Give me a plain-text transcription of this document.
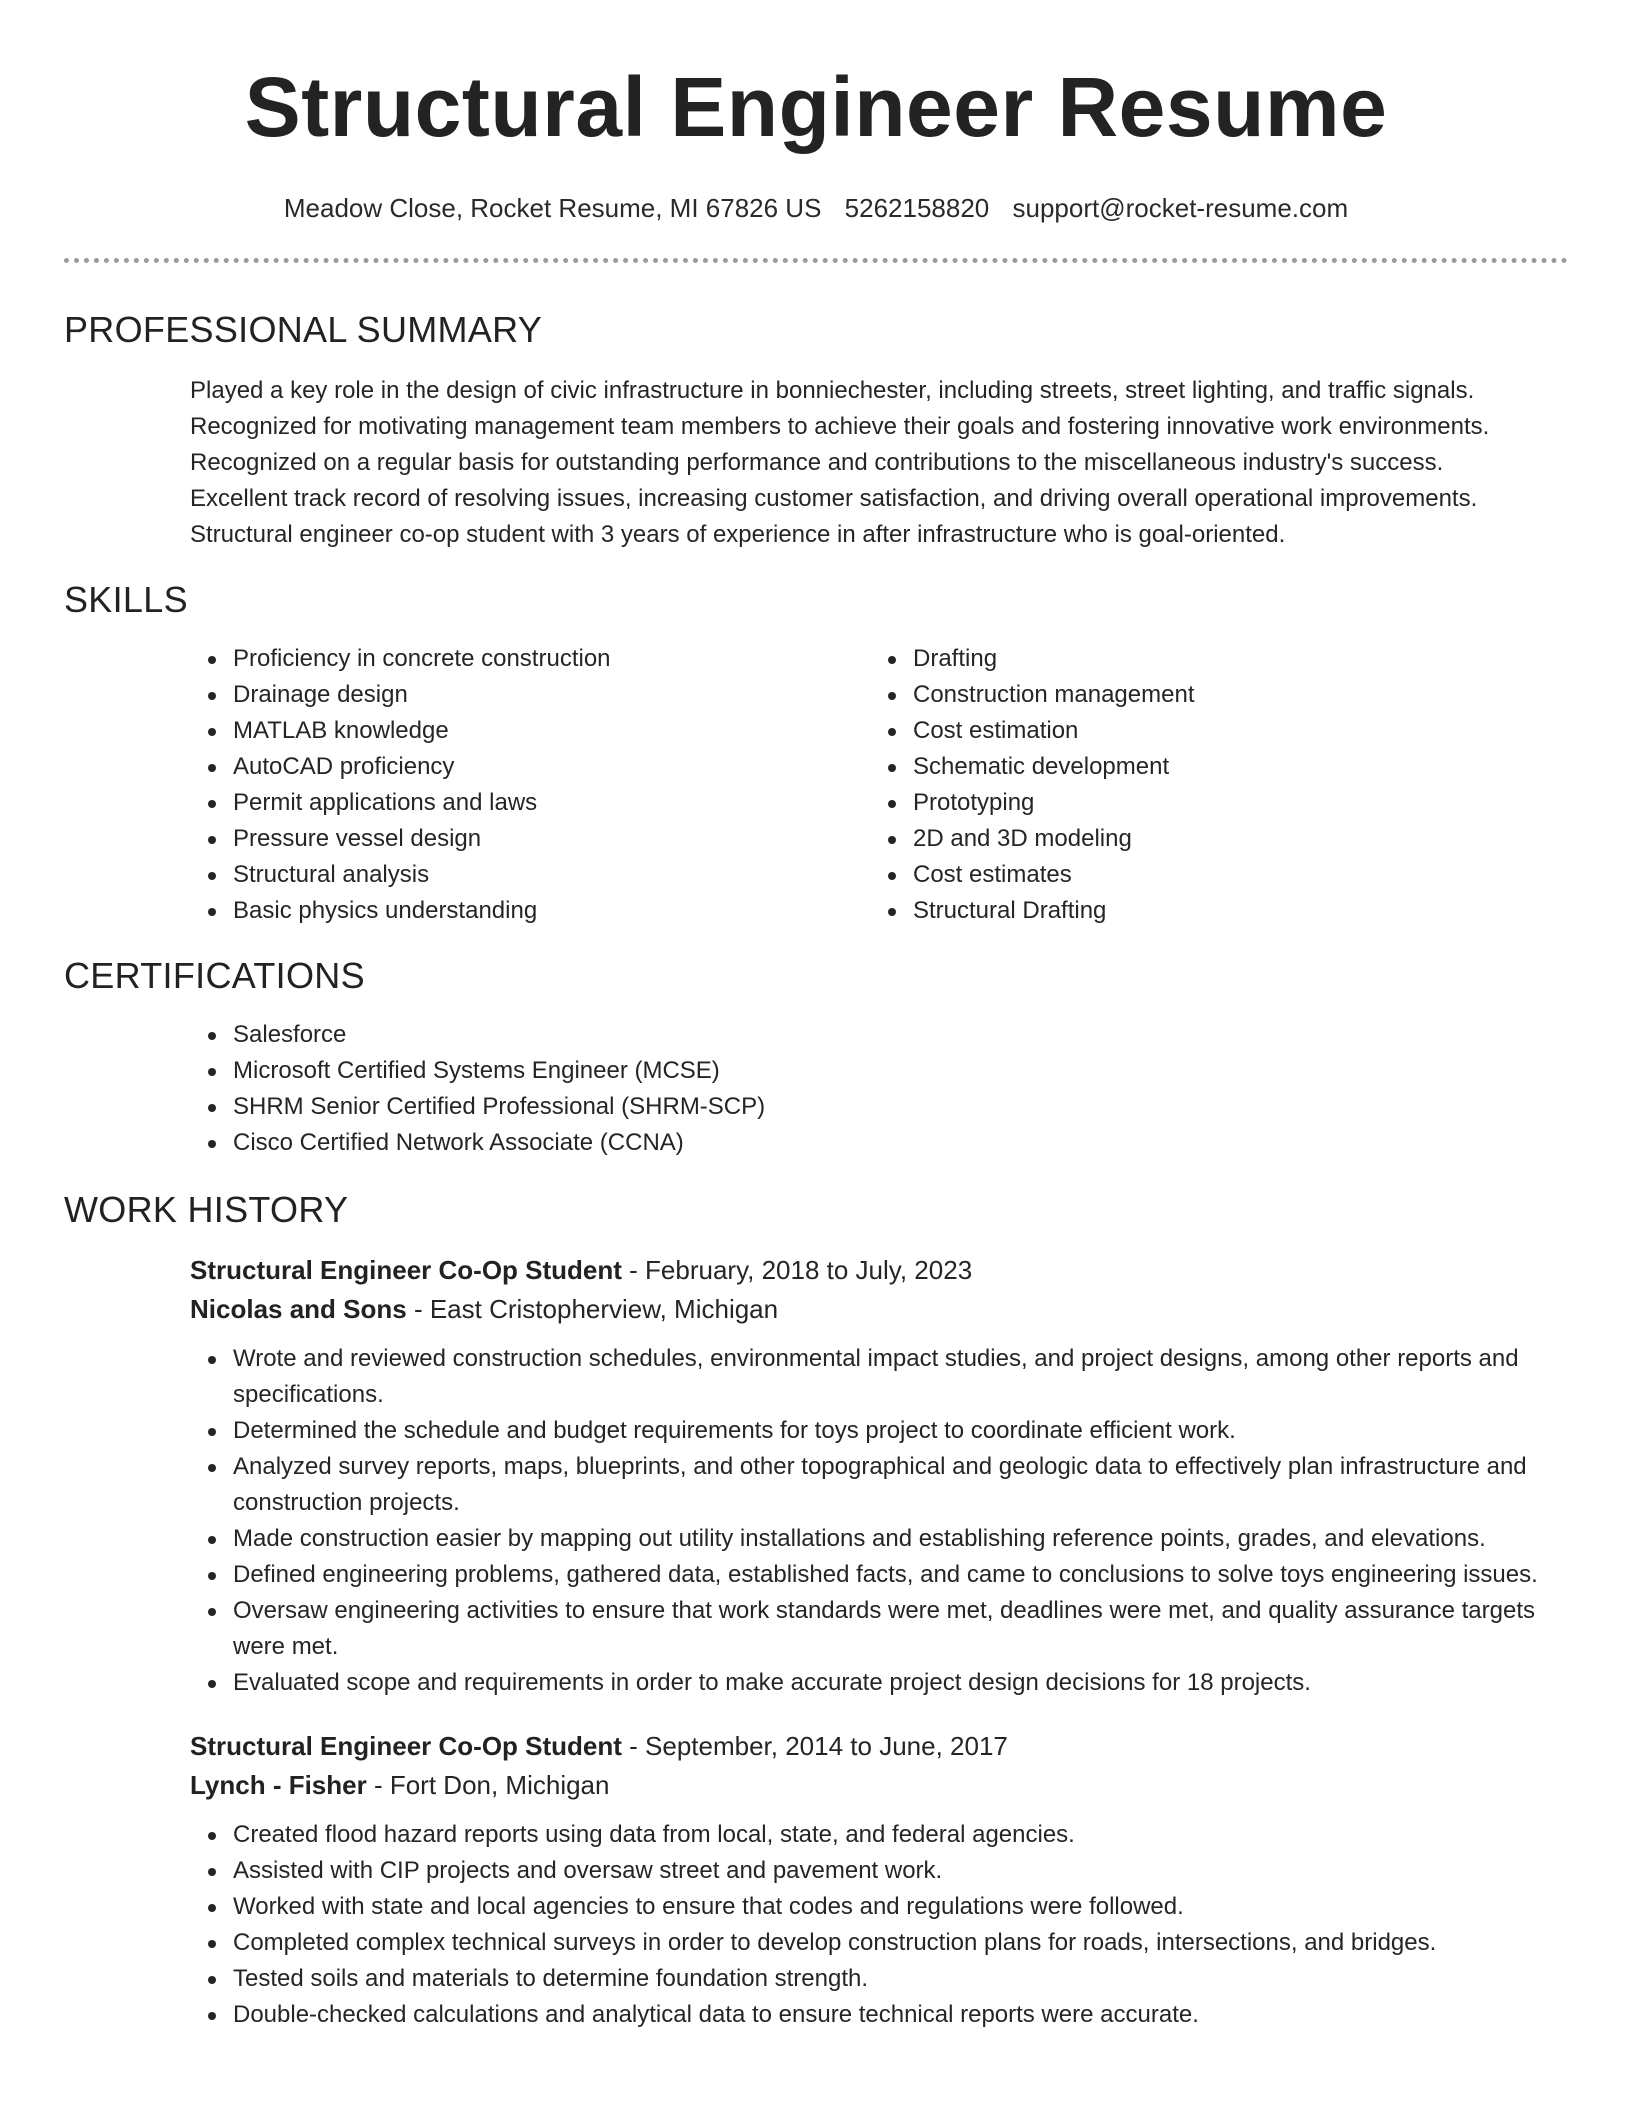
Structural Engineer Resume
Meadow Close, Rocket Resume, MI 67826 US 5262158820 support@rocket-resume.com
PROFESSIONAL SUMMARY

Played a key role in the design of civic infrastructure in bonniechester, including streets, street lighting, and traffic signals.

Recognized for motivating management team members to achieve their goals and fostering innovative work environments.

Recognized on a regular basis for outstanding performance and contributions to the miscellaneous industry's success.

Excellent track record of resolving issues, increasing customer satisfaction, and driving overall operational improvements.

Structural engineer co-op student with 3 years of experience in after infrastructure who is goal-oriented.

SKILLS
Proficiency in concrete construction
Drainage design
MATLAB knowledge
AutoCAD proficiency
Permit applications and laws
Pressure vessel design
Structural analysis
Basic physics understanding
Drafting
Construction management
Cost estimation
Schematic development
Prototyping
2D and 3D modeling
Cost estimates
Structural Drafting
CERTIFICATIONS
Salesforce
Microsoft Certified Systems Engineer (MCSE)
SHRM Senior Certified Professional (SHRM-SCP)
Cisco Certified Network Associate (CCNA)
WORK HISTORY
Structural Engineer Co-Op Student - February, 2018 to July, 2023
Nicolas and Sons - East Cristopherview, Michigan
Wrote and reviewed construction schedules, environmental impact studies, and project designs, among other reports and specifications.
Determined the schedule and budget requirements for toys project to coordinate efficient work.
Analyzed survey reports, maps, blueprints, and other topographical and geologic data to effectively plan infrastructure and construction projects.
Made construction easier by mapping out utility installations and establishing reference points, grades, and elevations.
Defined engineering problems, gathered data, established facts, and came to conclusions to solve toys engineering issues.
Oversaw engineering activities to ensure that work standards were met, deadlines were met, and quality assurance targets were met.
Evaluated scope and requirements in order to make accurate project design decisions for 18 projects.
Structural Engineer Co-Op Student - September, 2014 to June, 2017
Lynch - Fisher - Fort Don, Michigan
Created flood hazard reports using data from local, state, and federal agencies.
Assisted with CIP projects and oversaw street and pavement work.
Worked with state and local agencies to ensure that codes and regulations were followed.
Completed complex technical surveys in order to develop construction plans for roads, intersections, and bridges.
Tested soils and materials to determine foundation strength.
Double-checked calculations and analytical data to ensure technical reports were accurate.
